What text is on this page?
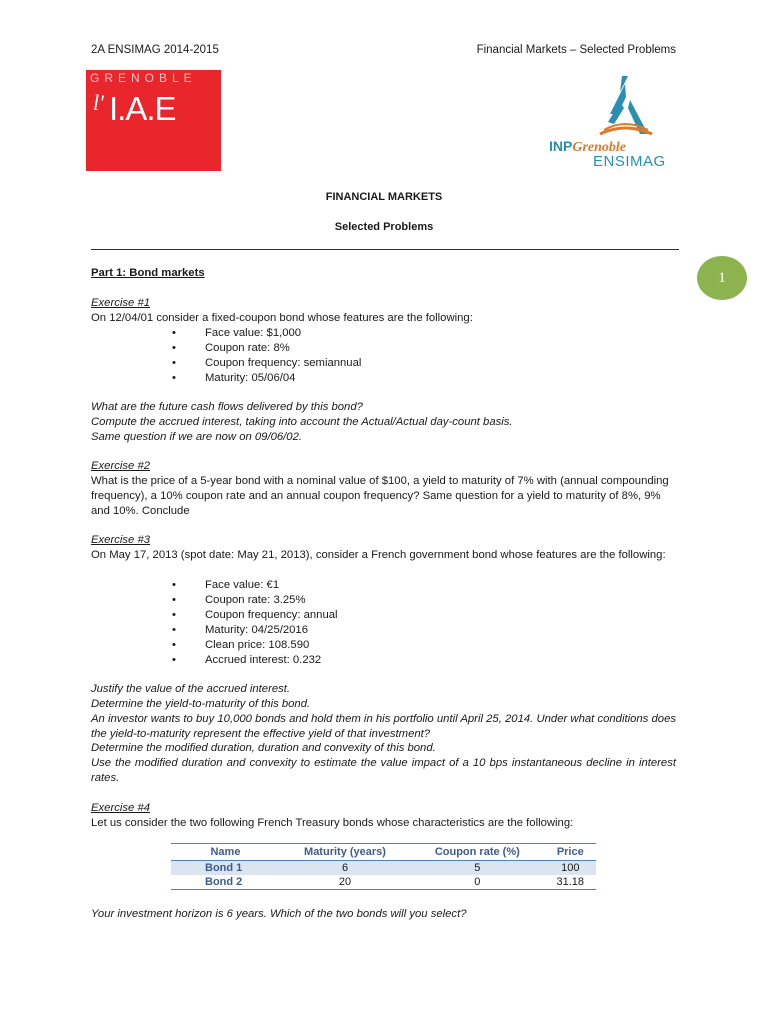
2A ENSIMAG 2014-2015	Financial Markets – Selected Problems
GRENOBLE
l' I.A.E
INPGrenoble
ENSIMAG
FINANCIAL MARKETS
Selected Problems
1
Part 1: Bond markets
Exercise #1
On 12/04/01 consider a fixed-coupon bond whose features are the following:
• Face value: $1,000
• Coupon rate: 8%
• Coupon frequency: semiannual
• Maturity: 05/06/04
What are the future cash flows delivered by this bond?
Compute the accrued interest, taking into account the Actual/Actual day-count basis.
Same question if we are now on 09/06/02.
Exercise #2
What is the price of a 5-year bond with a nominal value of $100, a yield to maturity of 7% with (annual compounding frequency), a 10% coupon rate and an annual coupon frequency? Same question for a yield to maturity of 8%, 9% and 10%. Conclude
Exercise #3
On May 17, 2013 (spot date: May 21, 2013), consider a French government bond whose features are the following:
• Face value: €1
• Coupon rate: 3.25%
• Coupon frequency: annual
• Maturity: 04/25/2016
• Clean price: 108.590
• Accrued interest: 0.232
Justify the value of the accrued interest.
Determine the yield-to-maturity of this bond.
An investor wants to buy 10,000 bonds and hold them in his portfolio until April 25, 2014. Under what conditions does the yield-to-maturity represent the effective yield of that investment?
Determine the modified duration, duration and convexity of this bond.
Use the modified duration and convexity to estimate the value impact of a 10 bps instantaneous decline in interest rates.
Exercise #4
Let us consider the two following French Treasury bonds whose characteristics are the following:
Name	Maturity (years)	Coupon rate (%)	Price
Bond 1	6	5	100
Bond 2	20	0	31.18
Your investment horizon is 6 years. Which of the two bonds will you select?
